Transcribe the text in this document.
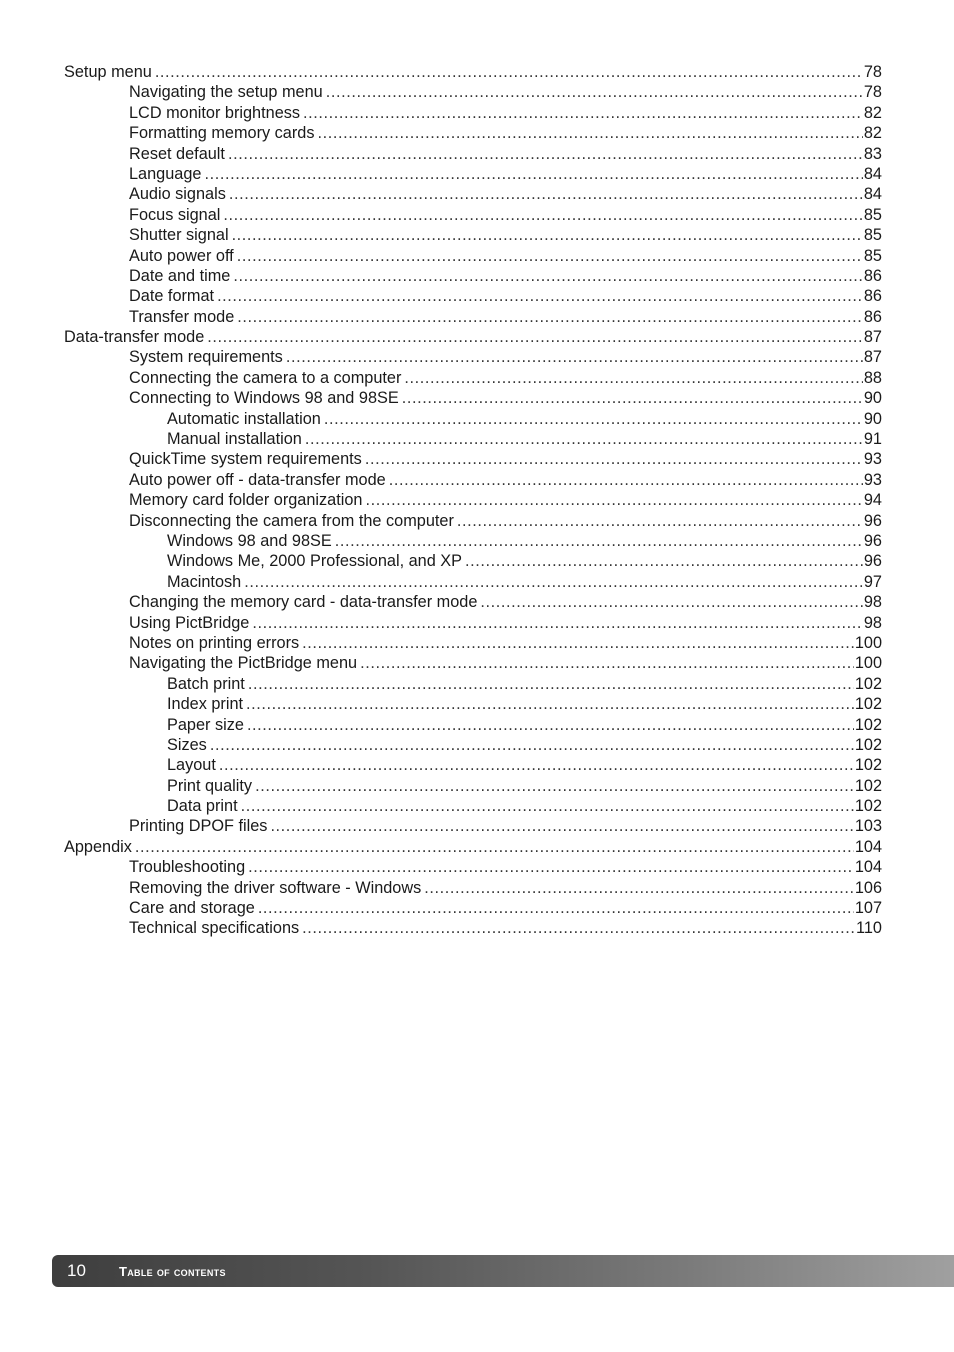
Setup menu .....	78
Navigating the setup menu .....	78
LCD monitor brightness .....	82
Formatting memory cards .....	82
Reset default .....	83
Language .....	84
Audio signals .....	84
Focus signal .....	85
Shutter signal .....	85
Auto power off .....	85
Date and time .....	86
Date format .....	86
Transfer mode .....	86
Data-transfer mode .....	87
System requirements .....	87
Connecting the camera to a computer .....	88
Connecting to Windows 98 and 98SE .....	90
Automatic installation .....	90
Manual installation .....	91
QuickTime system requirements .....	93
Auto power off - data-transfer mode .....	93
Memory card folder organization .....	94
Disconnecting the camera from the computer .....	96
Windows 98 and 98SE .....	96
Windows Me, 2000 Professional, and XP .....	96
Macintosh .....	97
Changing the memory card - data-transfer mode .....	98
Using PictBridge .....	98
Notes on printing errors .....	100
Navigating the PictBridge menu .....	100
Batch print .....	102
Index print .....	102
Paper size .....	102
Sizes .....	102
Layout .....	102
Print quality .....	102
Data print .....	102
Printing DPOF files .....	103
Appendix .....	104
Troubleshooting .....	104
Removing the driver software - Windows .....	106
Care and storage .....	107
Technical specifications .....	110
10	Table of contents
